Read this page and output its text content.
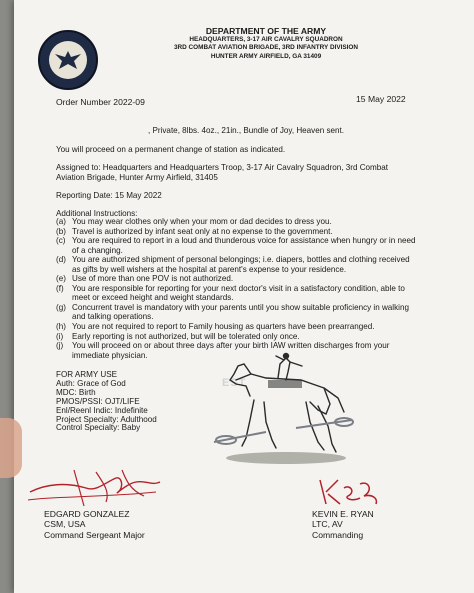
DEPARTMENT OF THE ARMY
HEADQUARTERS, 3-17 AIR CAVALRY SQUADRON
3RD COMBAT AVIATION BRIGADE, 3RD INFANTRY DIVISION
HUNTER ARMY AIRFIELD, GA 31409
Order Number 2022-09	15 May 2022
, Private, 8lbs. 4oz., 21in., Bundle of Joy, Heaven sent.
You will proceed on a permanent change of station as indicated.
Assigned to: Headquarters and Headquarters Troop, 3-17 Air Cavalry Squadron, 3rd Combat
Aviation Brigade, Hunter Army Airfield, 31405
Reporting Date: 15 May 2022
Additional Instructions:
(a) You may wear clothes only when your mom or dad decides to dress you.
(b) Travel is authorized by infant seat only at no expense to the government.
(c) You are required to report in a loud and thunderous voice for assistance when hungry or in need of a changing.
(d) You are authorized shipment of personal belongings; i.e. diapers, bottles and clothing received as gifts by well wishers at the hospital at parent's expense to your residence.
(e) Use of more than one POV is not authorized.
(f)	You are responsible for reporting for your next doctor's visit in a satisfactory condition, able to meet or exceed height and weight standards.
(g) Concurrent travel is mandatory with your parents until you show suitable proficiency in walking and talking operations.
(h) You are not required to report to Family housing as quarters have been prearranged.
(i)	Early reporting is not authorized, but will be tolerated only once.
(j)	You will proceed on or about three days after your birth IAW written discharges from your immediate physician.
FOR ARMY USE
Auth: Grace of God
MDC: Birth
PMOS/PSSI: OJT/LIFE
Enl/Reenl Indic: Indefinite
Project Specialty: Adulthood
Control Specialty: Baby
EST
EDGARD GONZALEZ
CSM, USA
Command Sergeant Major
KEVIN E. RYAN
LTC, AV
Commanding
